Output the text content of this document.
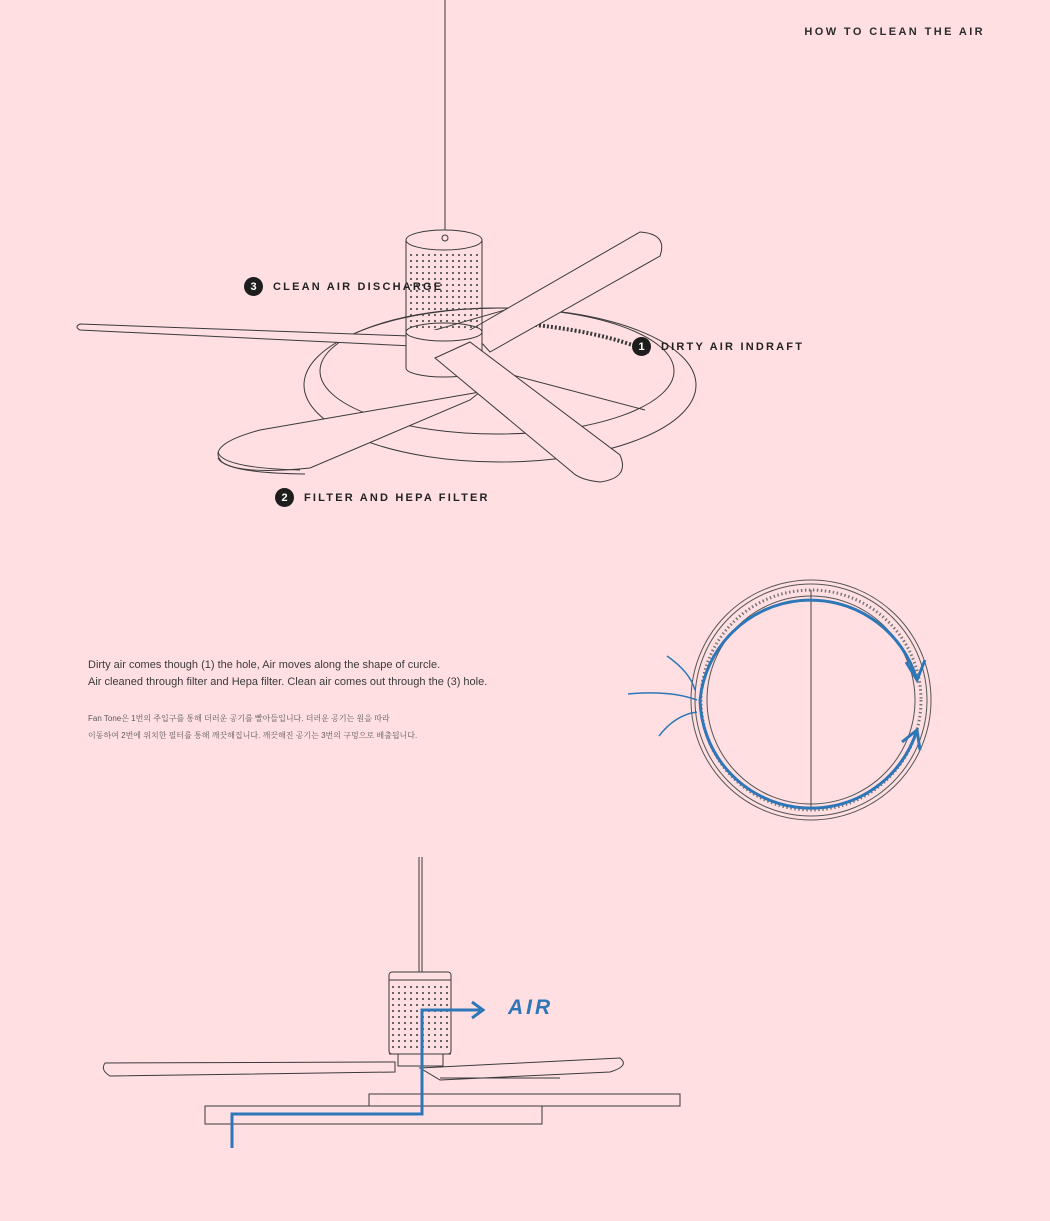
HOW TO CLEAN THE AIR
3	CLEAN AIR DISCHARGE
1	DIRTY AIR INDRAFT
2	FILTER AND HEPA FILTER
Dirty air comes though (1) the hole, Air moves along the shape of curcle.
Air cleaned through filter and Hepa filter. Clean air comes out through the (3) hole.
Fan Tone은 1번의 주입구를 통해 더러운 공기를 빨아들입니다. 더러운 공기는 원을 따라
이동하여 2번에 위치한 필터를 통해 깨끗해집니다. 깨끗해진 공기는 3번의 구멍으로 배출됩니다.
AIR
